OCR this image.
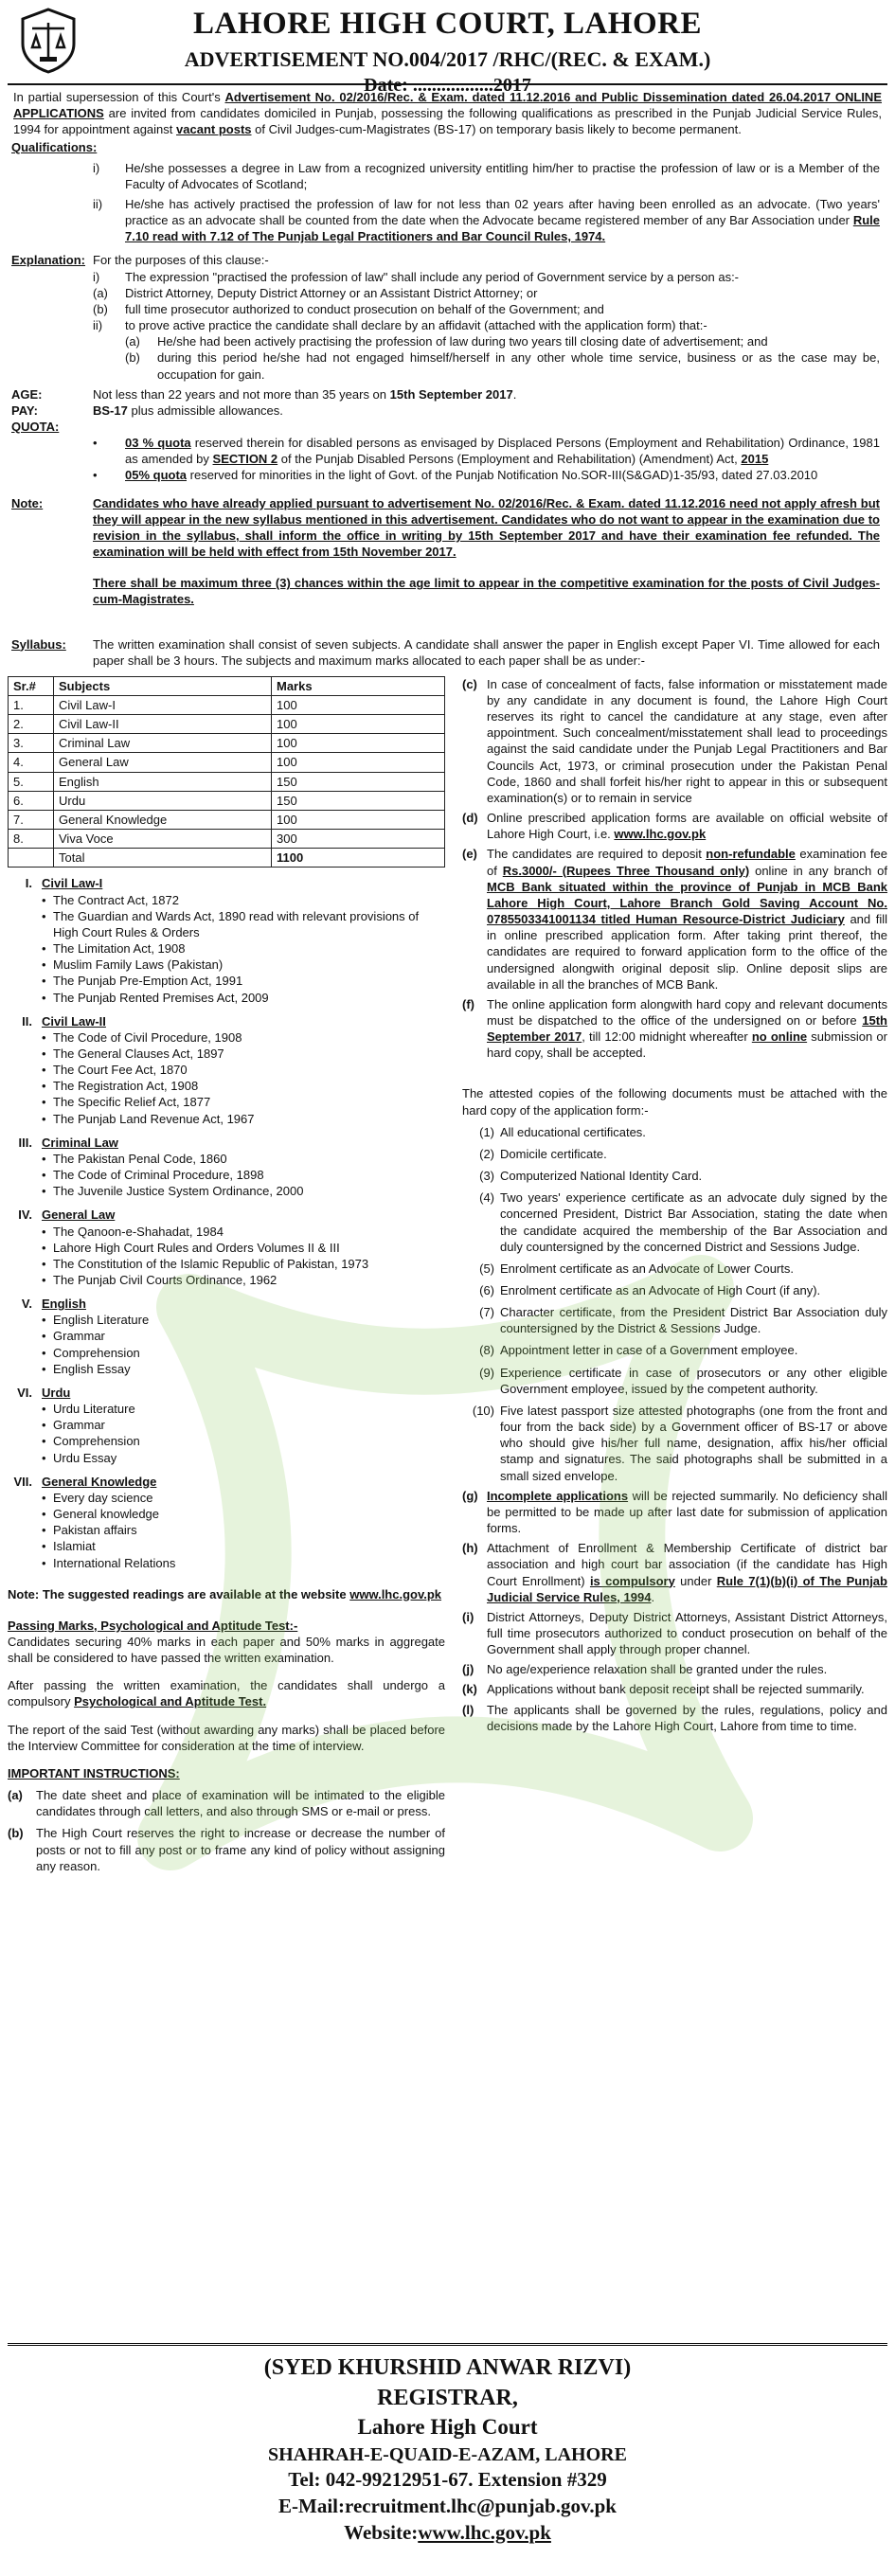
LAHORE HIGH COURT, LAHORE
ADVERTISEMENT NO.004/2017 /RHC/(REC. & EXAM.)
Date: .................2017
In partial supersession of this Court's Advertisement No. 02/2016/Rec. & Exam. dated 11.12.2016 and Public Dissemination dated 26.04.2017 ONLINE APPLICATIONS are invited from candidates domiciled in Punjab, possessing the following qualifications as prescribed in the Punjab Judicial Service Rules, 1994 for appointment against vacant posts of Civil Judges-cum-Magistrates (BS-17) on temporary basis likely to become permanent.
Qualifications:
i)	He/she possesses a degree in Law from a recognized university entitling him/her to practise the profession of law or is a Member of the Faculty of Advocates of Scotland;
ii)	He/she has actively practised the profession of law for not less than 02 years after having been enrolled as an advocate. (Two years' practice as an advocate shall be counted from the date when the Advocate became registered member of any Bar Association under Rule 7.10 read with 7.12 of The Punjab Legal Practitioners and Bar Council Rules, 1974.
Explanation: For the purposes of this clause:-
i)	The expression "practised the profession of law" shall include any period of Government service by a person as:-
(a)	District Attorney, Deputy District Attorney or an Assistant District Attorney; or
(b)	full time prosecutor authorized to conduct prosecution on behalf of the Government; and
ii)	to prove active practice the candidate shall declare by an affidavit (attached with the application form) that:-
(a)	He/she had been actively practising the profession of law during two years till closing date of advertisement; and
(b)	during this period he/she had not engaged himself/herself in any other whole time service, business or as the case may be, occupation for gain.
AGE:	Not less than 22 years and not more than 35 years on 15th September 2017.
PAY:	BS-17 plus admissible allowances.
QUOTA:
•	03 % quota reserved therein for disabled persons as envisaged by Displaced Persons (Employment and Rehabilitation) Ordinance, 1981 as amended by SECTION 2 of the Punjab Disabled Persons (Employment and Rehabilitation) (Amendment) Act, 2015
•	05% quota reserved for minorities in the light of Govt. of the Punjab Notification No.SOR-III(S&GAD)1-35/93, dated 27.03.2010
Note:	Candidates who have already applied pursuant to advertisement No. 02/2016/Rec. & Exam. dated 11.12.2016 need not apply afresh but they will appear in the new syllabus mentioned in this advertisement. Candidates who do not want to appear in the examination due to revision in the syllabus, shall inform the office in writing by 15th September 2017 and have their examination fee refunded. The examination will be held with effect from 15th November 2017.
There shall be maximum three (3) chances within the age limit to appear in the competitive examination for the posts of Civil Judges-cum-Magistrates.
Syllabus:	The written examination shall consist of seven subjects. A candidate shall answer the paper in English except Paper VI. Time allowed for each paper shall be 3 hours. The subjects and maximum marks allocated to each paper shall be as under:-
Sr.#	Subjects	Marks
1.	Civil Law-I	100
2.	Civil Law-II	100
3.	Criminal Law	100
4.	General Law	100
5.	English	150
6.	Urdu	150
7.	General Knowledge	100
8.	Viva Voce	300
	Total	1100
I. Civil Law-I
• The Contract Act, 1872
• The Guardian and Wards Act, 1890 read with relevant provisions of High Court Rules & Orders
• The Limitation Act, 1908
• Muslim Family Laws (Pakistan)
• The Punjab Pre-Emption Act, 1991
• The Punjab Rented Premises Act, 2009
II. Civil Law-II
• The Code of Civil Procedure, 1908
• The General Clauses Act, 1897
• The Court Fee Act, 1870
• The Registration Act, 1908
• The Specific Relief Act, 1877
• The Punjab Land Revenue Act, 1967
III. Criminal Law
• The Pakistan Penal Code, 1860
• The Code of Criminal Procedure, 1898
• The Juvenile Justice System Ordinance, 2000
IV. General Law
• The Qanoon-e-Shahadat, 1984
• Lahore High Court Rules and Orders Volumes II & III
• The Constitution of the Islamic Republic of Pakistan, 1973
• The Punjab Civil Courts Ordinance, 1962
V. English
• English Literature
• Grammar
• Comprehension
• English Essay
VI. Urdu
• Urdu Literature
• Grammar
• Comprehension
• Urdu Essay
VII. General Knowledge
• Every day science
• General knowledge
• Pakistan affairs
• Islamiat
• International Relations
Note: The suggested readings are available at the website www.lhc.gov.pk
Passing Marks, Psychological and Aptitude Test:-
Candidates securing 40% marks in each paper and 50% marks in aggregate shall be considered to have passed the written examination.
After passing the written examination, the candidates shall undergo a compulsory Psychological and Aptitude Test.
The report of the said Test (without awarding any marks) shall be placed before the Interview Committee for consideration at the time of interview.
IMPORTANT INSTRUCTIONS:
(a)	The date sheet and place of examination will be intimated to the eligible candidates through call letters, and also through SMS or e-mail or press.
(b)	The High Court reserves the right to increase or decrease the number of posts or not to fill any post or to frame any kind of policy without assigning any reason.
(c) In case of concealment of facts, false information or misstatement made by any candidate in any document is found, the Lahore High Court reserves its right to cancel the candidature at any stage, even after appointment. Such concealment/misstatement shall lead to proceedings against the said candidate under the Punjab Legal Practitioners and Bar Councils Act, 1973, or criminal prosecution under the Pakistan Penal Code, 1860 and shall forfeit his/her right to appear in this or subsequent examination(s) or to remain in service
(d) Online prescribed application forms are available on official website of Lahore High Court, i.e. www.lhc.gov.pk
(e) The candidates are required to deposit non-refundable examination fee of Rs.3000/- (Rupees Three Thousand only) online in any branch of MCB Bank situated within the province of Punjab in MCB Bank Lahore High Court, Lahore Branch Gold Saving Account No. 0785503341001134 titled Human Resource-District Judiciary and fill in online prescribed application form. After taking print thereof, the candidates are required to forward application form to the office of the undersigned alongwith original deposit slip. Online deposit slips are available in all the branches of MCB Bank.
(f)	The online application form alongwith hard copy and relevant documents must be dispatched to the office of the undersigned on or before 15th September 2017, till 12:00 midnight whereafter no online submission or hard copy, shall be accepted.
The attested copies of the following documents must be attached with the hard copy of the application form:-
(1) All educational certificates.
(2) Domicile certificate.
(3) Computerized National Identity Card.
(4) Two years' experience certificate as an advocate duly signed by the concerned President, District Bar Association, stating the date when the candidate acquired the membership of the Bar Association and duly countersigned by the concerned District and Sessions Judge.
(5) Enrolment certificate as an Advocate of Lower Courts.
(6) Enrolment certificate as an Advocate of High Court (if any).
(7) Character certificate, from the President District Bar Association duly countersigned by the District & Sessions Judge.
(8) Appointment letter in case of a Government employee.
(9) Experience certificate in case of prosecutors or any other eligible Government employee, issued by the competent authority.
(10) Five latest passport size attested photographs (one from the front and four from the back side) by a Government officer of BS-17 or above who should give his/her full name, designation, affix his/her official stamp and signatures. The said photographs shall be submitted in a small sized envelope.
(g) Incomplete applications will be rejected summarily. No deficiency shall be permitted to be made up after last date for submission of application forms.
(h) Attachment of Enrollment & Membership Certificate of district bar association and high court bar association (if the candidate has High Court Enrollment) is compulsory under Rule 7(1)(b)(i) of The Punjab Judicial Service Rules, 1994.
(i)	District Attorneys, Deputy District Attorneys, Assistant District Attorneys, full time prosecutors authorized to conduct prosecution on behalf of the Government shall apply through proper channel.
(j)	No age/experience relaxation shall be granted under the rules.
(k) Applications without bank deposit receipt shall be rejected summarily.
(l)	The applicants shall be governed by the rules, regulations, policy and decisions made by the Lahore High Court, Lahore from time to time.
(SYED KHURSHID ANWAR RIZVI)
REGISTRAR,
Lahore High Court
SHAHRAH-E-QUAID-E-AZAM, LAHORE
Tel: 042-99212951-67. Extension #329
E-Mail:recruitment.lhc@punjab.gov.pk
Website:www.lhc.gov.pk
